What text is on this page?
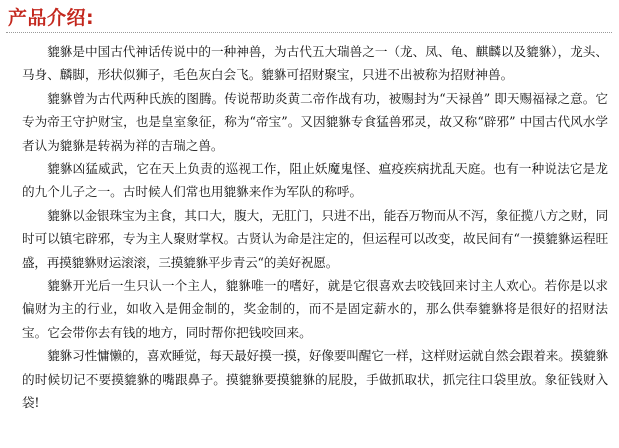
产品介绍:

貔貅是中国古代神话传说中的一种神兽，为古代五大瑞兽之一（龙、凤、龟、麒麟以及貔貅），龙头、马身、麟脚，形状似狮子，毛色灰白会飞。貔貅可招财聚宝，只进不出被称为招财神兽。

貔貅曾为古代两种氏族的图腾。传说帮助炎黄二帝作战有功，被赐封为“天禄兽” 即天赐福禄之意。它专为帝王守护财宝，也是皇室象征，称为“帝宝”。又因貔貅专食猛兽邪灵，故又称“辟邪” 中国古代风水学者认为貔貅是转祸为祥的吉瑞之兽。

貔貅凶猛威武，它在天上负责的巡视工作，阻止妖魔鬼怪、瘟疫疾病扰乱天庭。也有一种说法它是龙的九个儿子之一。古时候人们常也用貔貅来作为军队的称呼。

貔貅以金银珠宝为主食，其口大，腹大，无肛门，只进不出，能吞万物而从不泻，象征揽八方之财，同时可以镇宅辟邪，专为主人聚财掌权。古贤认为命是注定的，但运程可以改变，故民间有“一摸貔貅运程旺盛，再摸貔貅财运滚滚，三摸貔貅平步青云“的美好祝愿。

貔貅开光后一生只认一个主人，貔貅唯一的嗜好，就是它很喜欢去咬钱回来讨主人欢心。若你是以求偏财为主的行业，如收入是佣金制的，奖金制的，而不是固定薪水的，那么供奉貔貅将是很好的招财法宝。它会带你去有钱的地方，同时帮你把钱咬回来。

貔貅习性慵懒的，喜欢睡觉，每天最好摸一摸，好像要叫醒它一样，这样财运就自然会跟着来。摸貔貅的时候切记不要摸貔貅的嘴跟鼻子。摸貔貅要摸貔貅的屁股，手做抓取状，抓完往口袋里放。象征钱财入袋!
